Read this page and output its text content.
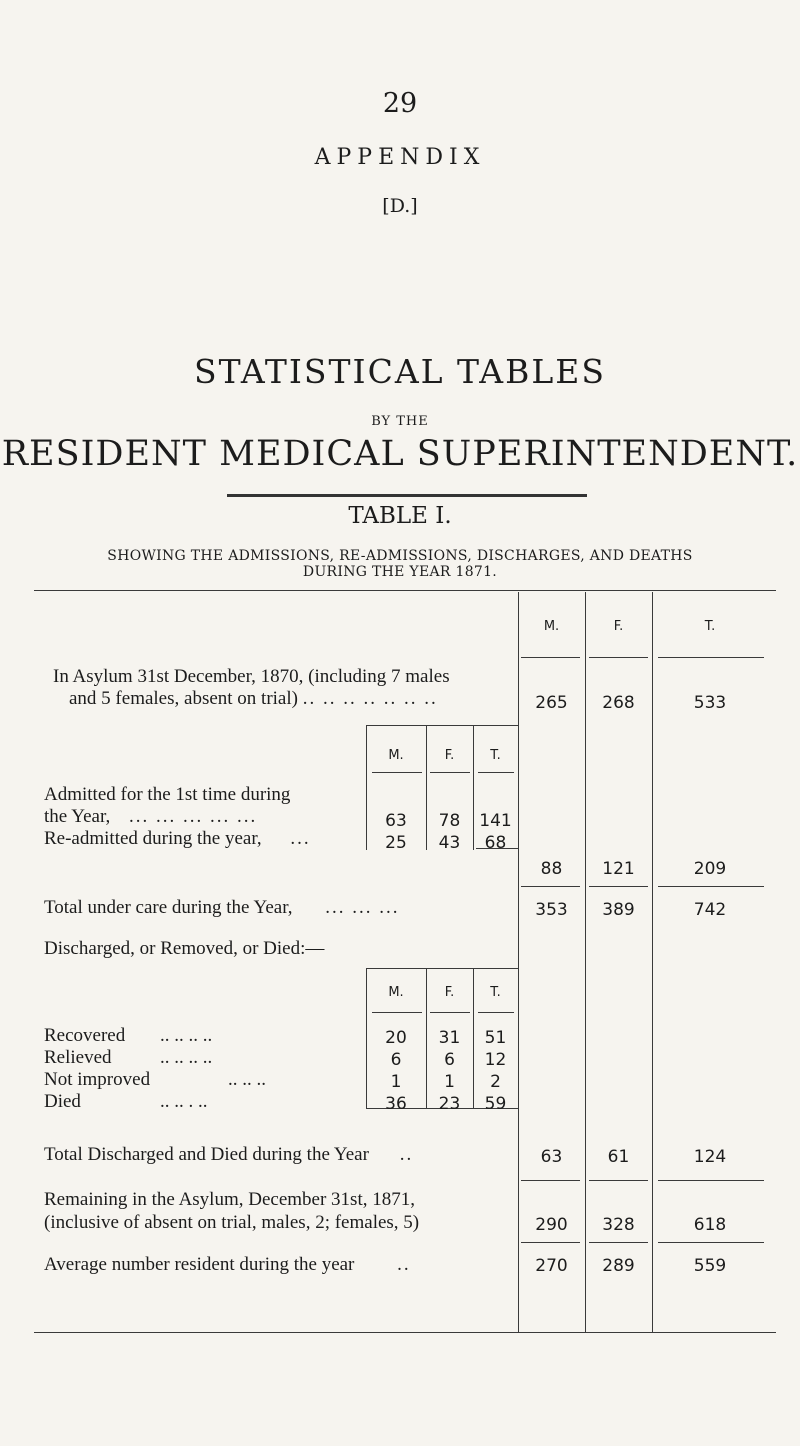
29
APPENDIX
[D.]
STATISTICAL TABLES
BY THE
RESIDENT MEDICAL SUPERINTENDENT.
TABLE I.
SHOWING THE ADMISSIONS, RE-ADMISSIONS, DISCHARGES, AND DEATHS
DURING THE YEAR 1871.
M.	F.	T.
In Asylum 31st December, 1870, (including 7 males
and 5 females, absent on trial) .. .. .. .. .. .. ..	265	268	533
M.	F.	T.
Admitted for the 1st time during
the Year, ... ... ... ... ...	63	78	141
Re-admitted during the year, ...	25	43	68
88	121	209
Total under care during the Year, ... ... ...	353	389	742
Discharged, or Removed, or Died:—
M.	F.	T.
Recovered .. .. .. ..	20	31	51
Relieved	.. .. .. ..	6	6	12
Not improved	.. .. ..	1	1	2
Died	.. .. . ..	36	23	59
Total Discharged and Died during the Year ..	63	61	124
Remaining in the Asylum, December 31st, 1871,
(inclusive of absent on trial, males, 2; females, 5)	290	328	618
Average number resident during the year ..	270	289	559
